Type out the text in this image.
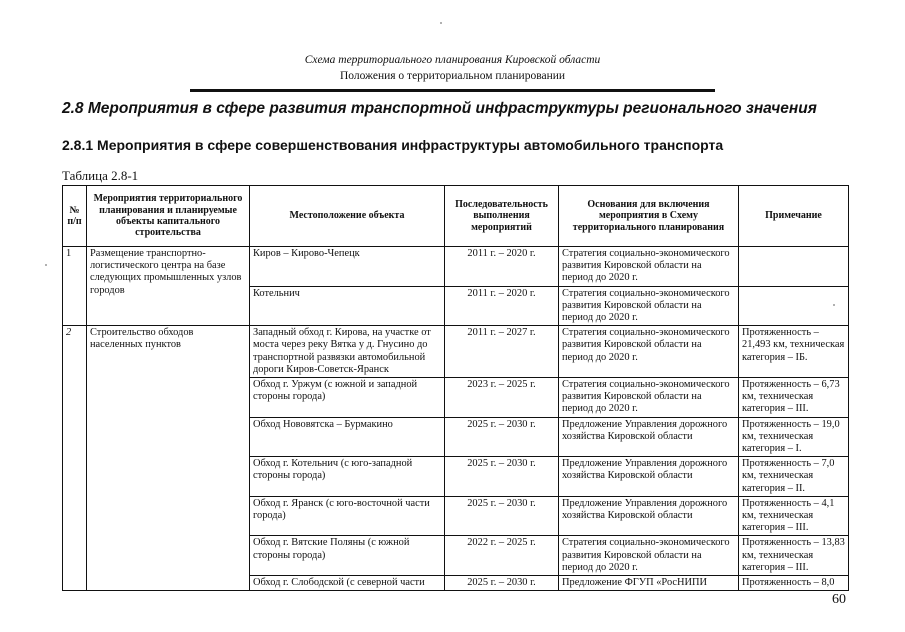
Схема территориального планирования Кировской области
Положения о территориальном планировании
2.8 Мероприятия в сфере развития транспортной инфраструктуры регионального значения
2.8.1 Мероприятия в сфере совершенствования инфраструктуры автомобильного транспорта
Таблица 2.8-1
№ п/п	Мероприятия территориального планирования и планируемые объекты капитального строительства	Местоположение объекта	Последовательность выполнения мероприятий	Основания для включения мероприятия в Схему территориального планирования	Примечание
1	Размещение транспортно-логистического центра на базе следующих промышленных узлов городов	Киров – Кирово-Чепецк	2011 г. – 2020 г.	Стратегия социально-экономического развития Кировской области на период до 2020 г.	
		Котельнич	2011 г. – 2020 г.	Стратегия социально-экономического развития Кировской области на период до 2020 г.	
2	Строительство обходов населенных пунктов	Западный обход г. Кирова, на участке от моста через реку Вятка у д. Гнусино до транспортной развязки автомобильной дороги Киров-Советск-Яранск	2011 г. – 2027 г.	Стратегия социально-экономического развития Кировской области на период до 2020 г.	Протяженность – 21,493 км, техническая категория – IБ.
		Обход г. Уржум (с южной и западной стороны города)	2023 г. – 2025 г.	Стратегия социально-экономического развития Кировской области на период до 2020 г.	Протяженность – 6,73 км, техническая категория – III.
		Обход Нововятска – Бурмакино	2025 г. – 2030 г.	Предложение Управления дорожного хозяйства Кировской области	Протяженность – 19,0 км, техническая категория – I.
		Обход г. Котельнич (с юго-западной стороны города)	2025 г. – 2030 г.	Предложение Управления дорожного хозяйства Кировской области	Протяженность – 7,0 км, техническая категория – II.
		Обход г. Яранск (с юго-восточной части города)	2025 г. – 2030 г.	Предложение Управления дорожного хозяйства Кировской области	Протяженность – 4,1 км, техническая категория – III.
		Обход г. Вятские Поляны (с южной стороны города)	2022 г. – 2025 г.	Стратегия социально-экономического развития Кировской области на период до 2020 г.	Протяженность – 13,83 км, техническая категория – III.
		Обход г. Слободской (с северной части	2025 г. – 2030 г.	Предложение ФГУП «РосНИПИ	Протяженность – 8,0
60
